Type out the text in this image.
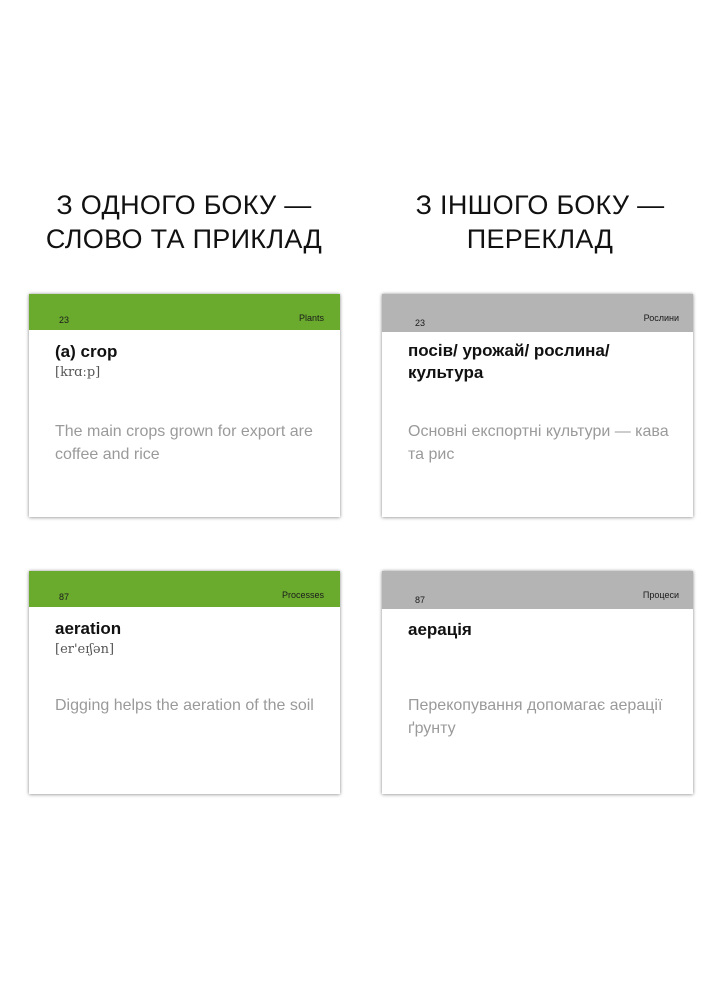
З ОДНОГО БОКУ —
СЛОВО ТА ПРИКЛАД
З ІНШОГО БОКУ —
ПЕРЕКЛАД
23	Plants
(a) crop
[krɑːp]
The main crops grown for export are coffee and rice
23	Рослини
посів/ урожай/ рослина/ культура
Основні експортні культури — кава та рис
87	Processes
aeration
[er'eɪʃən]
Digging helps the aeration of the soil
87	Процеси
аерація
Перекопування допомагає аерації ґрунту
